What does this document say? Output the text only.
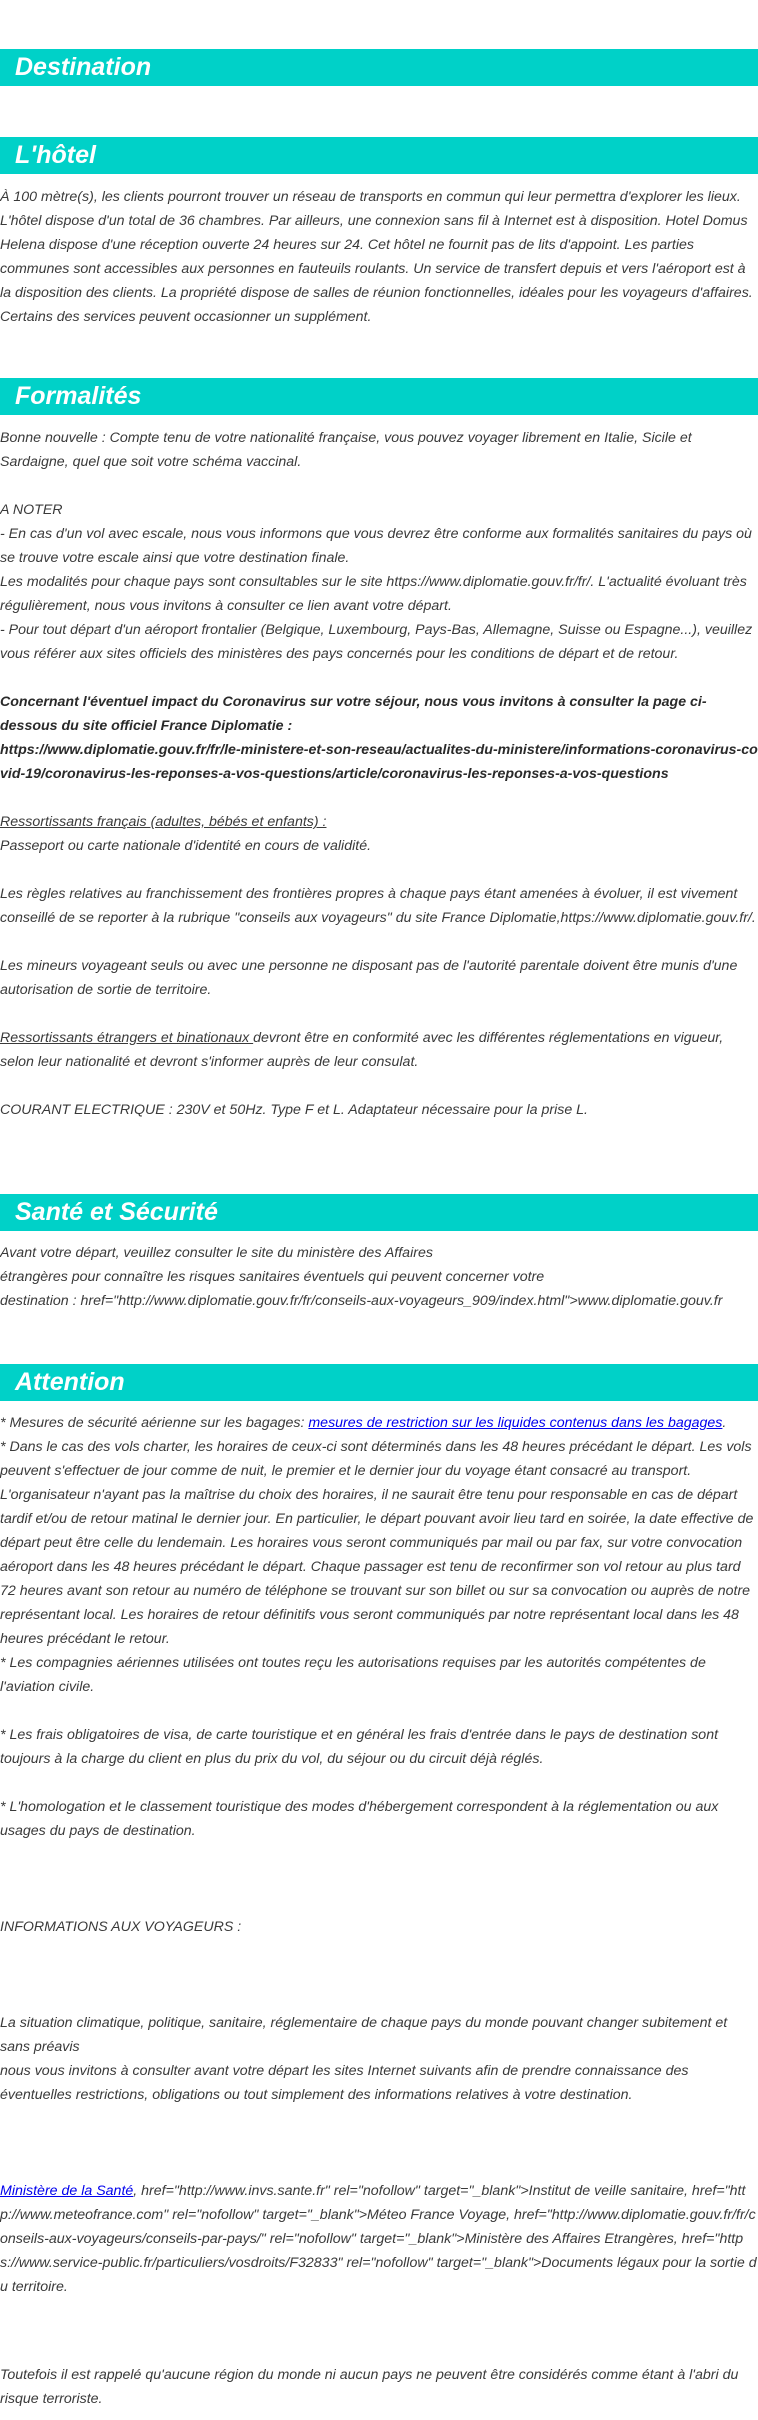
Destination
L'hôtel

À 100 mètre(s), les clients pourront trouver un réseau de transports en commun qui leur permettra d'explorer les lieux. L'hôtel dispose d'un total de 36 chambres. Par ailleurs, une connexion sans fil à Internet est à disposition. Hotel Domus Helena dispose d'une réception ouverte 24 heures sur 24. Cet hôtel ne fournit pas de lits d'appoint. Les parties communes sont accessibles aux personnes en fauteuils roulants. Un service de transfert depuis et vers l'aéroport est à la disposition des clients. La propriété dispose de salles de réunion fonctionnelles, idéales pour les voyageurs d'affaires. Certains des services peuvent occasionner un supplément.

Formalités

Bonne nouvelle : Compte tenu de votre nationalité française, vous pouvez voyager librement en Italie, Sicile et Sardaigne, quel que soit votre schéma vaccinal.

A NOTER

- En cas d'un vol avec escale, nous vous informons que vous devrez être conforme aux formalités sanitaires du pays où se trouve votre escale ainsi que votre destination finale.

Les modalités pour chaque pays sont consultables sur le site https://www.diplomatie.gouv.fr/fr/. L'actualité évoluant très régulièrement, nous vous invitons à consulter ce lien avant votre départ.

- Pour tout départ d'un aéroport frontalier (Belgique, Luxembourg, Pays-Bas, Allemagne, Suisse ou Espagne...), veuillez vous référer aux sites officiels des ministères des pays concernés pour les conditions de départ et de retour.

Concernant l'éventuel impact du Coronavirus sur votre séjour, nous vous invitons à consulter la page ci-dessous du site officiel France Diplomatie :

https://www.diplomatie.gouv.fr/fr/le-ministere-et-son-reseau/actualites-du-ministere/informations-coronavirus-covid-19/coronavirus-les-reponses-a-vos-questions/article/coronavirus-les-reponses-a-vos-questions

Ressortissants français (adultes, bébés et enfants) :

Passeport ou carte nationale d'identité en cours de validité.

Les règles relatives au franchissement des frontières propres à chaque pays étant amenées à évoluer, il est vivement conseillé de se reporter à la rubrique "conseils aux voyageurs" du site France Diplomatie,https://www.diplomatie.gouv.fr/.

Les mineurs voyageant seuls ou avec une personne ne disposant pas de l'autorité parentale doivent être munis d'une autorisation de sortie de territoire.

Ressortissants étrangers et binationaux devront être en conformité avec les différentes réglementations en vigueur, selon leur nationalité et devront s'informer auprès de leur consulat.

COURANT ELECTRIQUE : 230V et 50Hz. Type F et L. Adaptateur nécessaire pour la prise L.

Santé et Sécurité

Avant votre départ, veuillez consulter le site du ministère des Affaires

étrangères pour connaître les risques sanitaires éventuels qui peuvent concerner votre

destination : href="http://www.diplomatie.gouv.fr/fr/conseils-aux-voyageurs_909/index.html">www.diplomatie.gouv.fr

Attention

* Mesures de sécurité aérienne sur les bagages: mesures de restriction sur les liquides contenus dans les bagages.

* Dans le cas des vols charter, les horaires de ceux-ci sont déterminés dans les 48 heures précédant le départ. Les vols peuvent s'effectuer de jour comme de nuit, le premier et le dernier jour du voyage étant consacré au transport. L'organisateur n'ayant pas la maîtrise du choix des horaires, il ne saurait être tenu pour responsable en cas de départ tardif et/ou de retour matinal le dernier jour. En particulier, le départ pouvant avoir lieu tard en soirée, la date effective de départ peut être celle du lendemain. Les horaires vous seront communiqués par mail ou par fax, sur votre convocation aéroport dans les 48 heures précédant le départ. Chaque passager est tenu de reconfirmer son vol retour au plus tard 72 heures avant son retour au numéro de téléphone se trouvant sur son billet ou sur sa convocation ou auprès de notre représentant local. Les horaires de retour définitifs vous seront communiqués par notre représentant local dans les 48 heures précédant le retour.

* Les compagnies aériennes utilisées ont toutes reçu les autorisations requises par les autorités compétentes de l'aviation civile.

* Les frais obligatoires de visa, de carte touristique et en général les frais d'entrée dans le pays de destination sont toujours à la charge du client en plus du prix du vol, du séjour ou du circuit déjà réglés.

* L'homologation et le classement touristique des modes d'hébergement correspondent à la réglementation ou aux usages du pays de destination.

INFORMATIONS AUX VOYAGEURS :

La situation climatique, politique, sanitaire, réglementaire de chaque pays du monde pouvant changer subitement et sans préavis

nous vous invitons à consulter avant votre départ les sites Internet suivants afin de prendre connaissance des éventuelles restrictions, obligations ou tout simplement des informations relatives à votre destination.

Ministère de la Santé, href="http://www.invs.sante.fr" rel="nofollow" target="_blank">Institut de veille sanitaire, href="http://www.meteofrance.com" rel="nofollow" target="_blank">Méteo France Voyage, href="http://www.diplomatie.gouv.fr/fr/conseils-aux-voyageurs/conseils-par-pays/" rel="nofollow" target="_blank">Ministère des Affaires Etrangères, href="https://www.service-public.fr/particuliers/vosdroits/F32833" rel="nofollow" target="_blank">Documents légaux pour la sortie du territoire.

Toutefois il est rappelé qu'aucune région du monde ni aucun pays ne peuvent être considérés comme étant à l'abri du risque terroriste.
